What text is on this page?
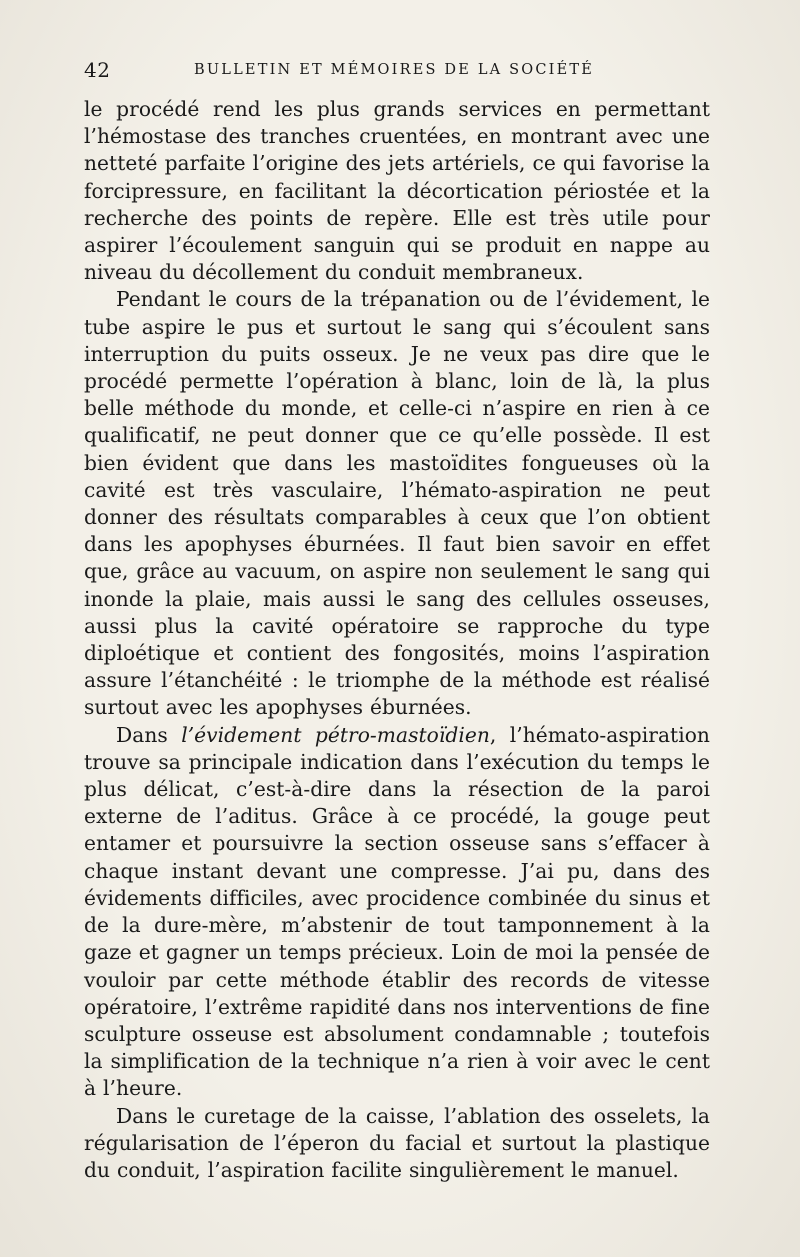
42	BULLETIN ET MÉMOIRES DE LA SOCIÉTÉ

le procédé rend les plus grands services en permettant l’hémostase des tranches cruentées, en montrant avec une netteté parfaite l’origine des jets artériels, ce qui favorise la forcipressure, en facilitant la décortication périostée et la recherche des points de repère. Elle est très utile pour aspirer l’écoulement sanguin qui se produit en nappe au niveau du décollement du conduit membraneux.

Pendant le cours de la trépanation ou de l’évidement, le tube aspire le pus et surtout le sang qui s’écoulent sans interruption du puits osseux. Je ne veux pas dire que le procédé permette l’opération à blanc, loin de là, la plus belle méthode du monde, et celle-ci n’aspire en rien à ce qualificatif, ne peut donner que ce qu’elle possède. Il est bien évident que dans les mastoïdites fongueuses où la cavité est très vasculaire, l’hémato-aspiration ne peut donner des résultats comparables à ceux que l’on obtient dans les apophyses éburnées. Il faut bien savoir en effet que, grâce au vacuum, on aspire non seulement le sang qui inonde la plaie, mais aussi le sang des cellules osseuses, aussi plus la cavité opératoire se rapproche du type diploétique et contient des fongosités, moins l’aspiration assure l’étanchéité : le triomphe de la méthode est réalisé surtout avec les apophyses éburnées.

Dans l’évidement pétro-mastoïdien, l’hémato-aspiration trouve sa principale indication dans l’exécution du temps le plus délicat, c’est-à-dire dans la résection de la paroi externe de l’aditus. Grâce à ce procédé, la gouge peut entamer et poursuivre la section osseuse sans s’effacer à chaque instant devant une compresse. J’ai pu, dans des évidements difficiles, avec procidence combinée du sinus et de la dure-mère, m’abstenir de tout tamponnement à la gaze et gagner un temps précieux. Loin de moi la pensée de vouloir par cette méthode établir des records de vitesse opératoire, l’extrême rapidité dans nos interventions de fine sculpture osseuse est absolument condamnable ; toutefois la simplification de la technique n’a rien à voir avec le cent à l’heure.

Dans le curetage de la caisse, l’ablation des osselets, la régularisation de l’éperon du facial et surtout la plastique du conduit, l’aspiration facilite singulièrement le manuel.
